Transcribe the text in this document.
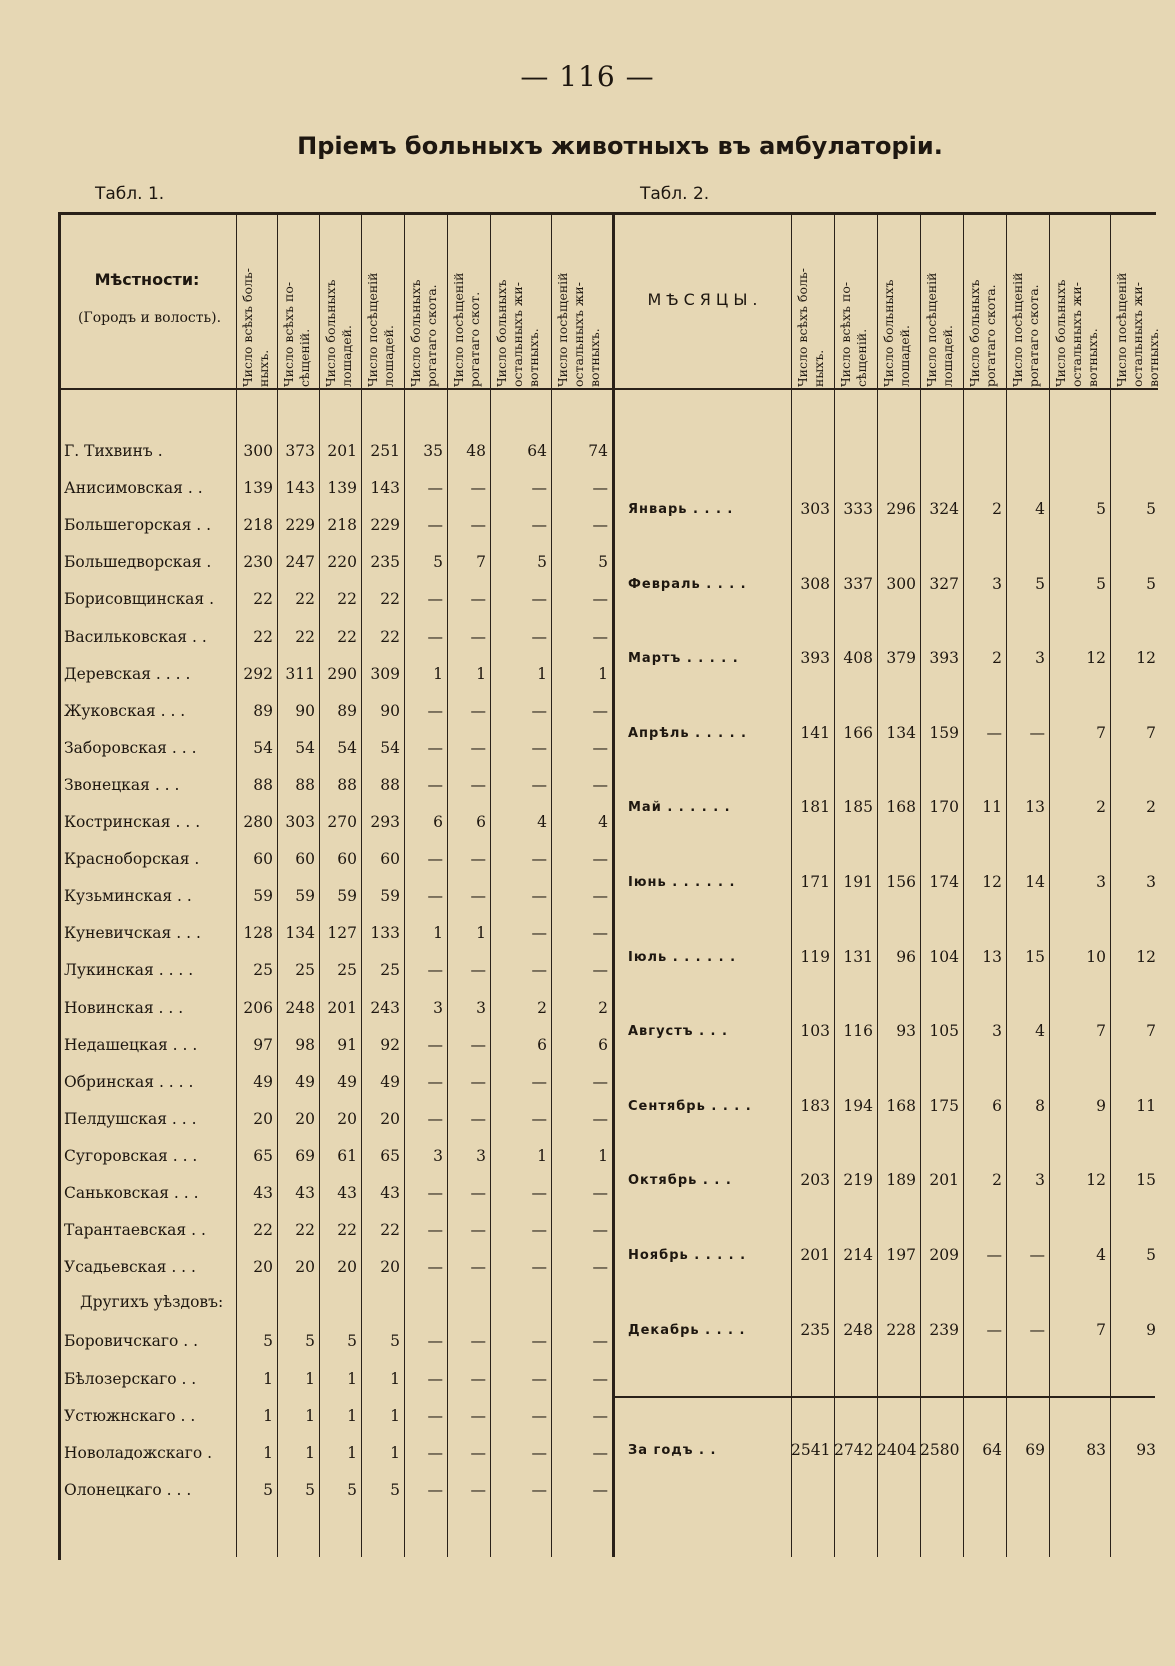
— 116 —
Пріемъ больныхъ животныхъ въ амбулаторіи.
Табл. 1.	Табл. 2.
Мѣстности:
(Городъ и волость).
МѢСЯЦЫ.
Число всѣхъ боль-
ныхъ. Число всѣхъ по-
сѣщеній. Число больныхъ
лошадей. Число посѣщеній
лошадей. Число больныхъ
рогатаго скота.
Число посѣщеній
рогатаго скот.
Число больныхъ
остальныхъ жи-
вотныхъ.	Число посѣщеній
остальныхъ жи-
вотныхъ.	Число всѣхъ боль-
ныхъ. Число всѣхъ по-
сѣщеній. Число больныхъ
лошадей. Число посѣщеній
лошадей. Число больныхъ
рогатаго скота.
Число посѣщеній
рогатаго скота.
Число больныхъ
остальныхъ жи-
вотныхъ.	Число посѣщеній
остальныхъ жи-
вотныхъ.
Г. Тихвинъ .	300 373 201 251	35	48	64	74
Анисимовская . .	139 143 139 143	—	—	—	—
Большегорская . .	218 229 218 229	—	—	—	—
Большедворская .	230 247 220 235	5	7	5	5
Борисовщинская .	22	22	22	22	—	—	—	—
Васильковская . .	22	22	22	22	—	—	—	—
Деревская . . . .	292 311 290 309	1	1	1	1
Жуковская . . .	89	90	89	90	—	—	—	—
Заборовская . . .	54	54	54	54	—	—	—	—
Звонецкая . . .	88	88	88	88	—	—	—	—
Костринская . . .	280 303 270 293	6	6	4	4
Красноборская .	60	60	60	60	—	—	—	—
Кузьминская . .	59	59	59	59	—	—	—	—
Куневичская . . .	128 134 127 133	1	1	—	—
Лукинская . . . .	25	25	25	25	—	—	—	—
Новинская . . .	206 248 201 243	3	3	2	2
Недашецкая . . .	97	98	91	92	—	—	6	6
Обринская . . . .	49	49	49	49	—	—	—	—
Пелдушская . . .	20	20	20	20	—	—	—	—
Сугоровская . . .	65	69	61	65	3	3	1	1
Саньковская . . .	43	43	43	43	—	—	—	—
Тарантаевская . .	22	22	22	22	—	—	—	—
Усадьевская . . .	20	20	20	20	—	—	—	—
Другихъ уѣздовъ:
Боровичскаго . .	5	5	5	5	—	—	—	—
Бѣлозерскаго . .	1	1	1	1	—	—	—	—
Устюжнскаго . .	1	1	1	1	—	—	—	—
Новоладожскаго .	1	1	1	1	—	—	—	—
Олонецкаго . . .	5	5	5	5	—	—	—	—
Январь . . . .	303 333 296 324	2	4	5	5
Февраль . . . .	308 337 300 327	3	5	5	5
Мартъ . . . . .	393 408 379 393	2	3	12	12
Апрѣль . . . . .	141 166 134 159	—	—	7	7
Май . . . . . .	181 185 168 170	11	13	2	2
Іюнь . . . . . .	171 191 156 174	12	14	3	3
Іюль . . . . . .	119 131	96 104	13	15	10	12
Августъ . . .	103 116	93 105	3	4	7	7
Сентябрь . . . .	183 194 168 175	6	8	9	11
Октябрь . . .	203 219 189 201	2	3	12	15
Ноябрь . . . . .	201 214 197 209	—	—	4	5
Декабрь . . . .	235 248 228 239	—	—	7	9
За годъ . .	2541 2742 2404 2580	64	69	83	93
